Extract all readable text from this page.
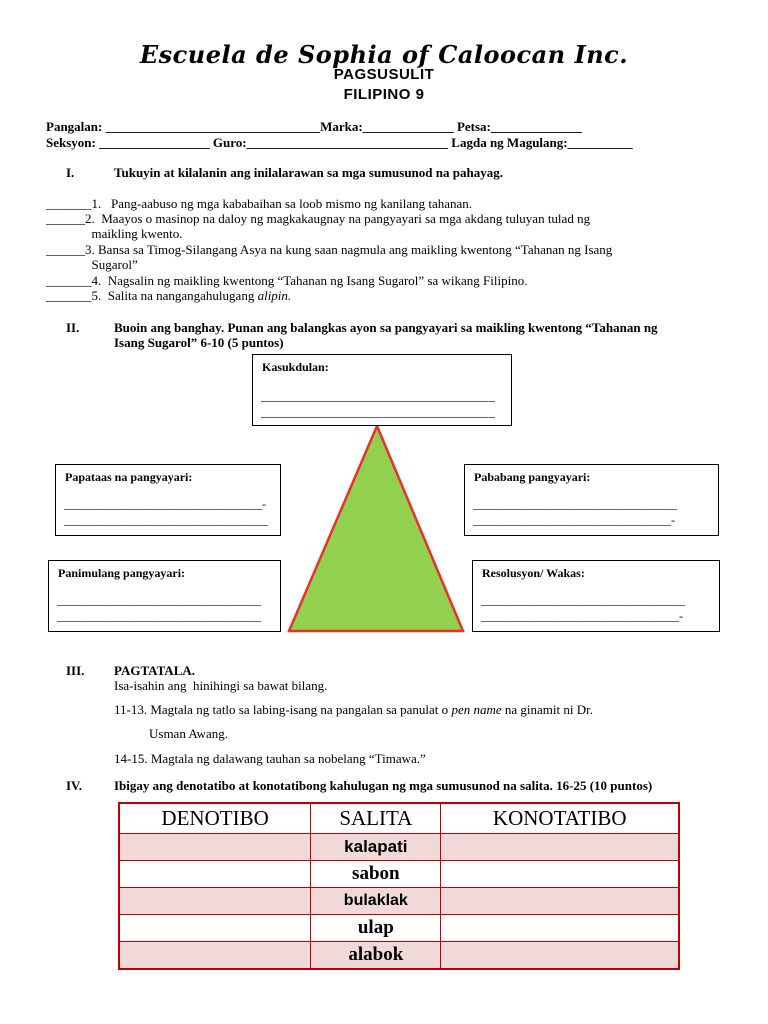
Escuela de Sophia of Caloocan Inc.
PAGSUSULIT
FILIPINO 9
Pangalan: _________________________________Marka:______________ Petsa:______________
Seksyon: _________________ Guro:_______________________________ Lagda ng Magulang:__________
I.	Tukuyin at kilalanin ang inilalarawan sa mga sumusunod na pahayag.
_______1.   Pang-aabuso ng mga kababaihan sa loob mismo ng kanilang tahanan.
______2.  Maayos o masinop na daloy ng magkakaugnay na pangyayari sa mga akdang tuluyan tulad ng
maikling kwento.
______3. Bansa sa Timog-Silangang Asya na kung saan nagmula ang maikling kwentong “Tahanan ng Isang
Sugarol”
_______4.  Nagsalin ng maikling kwentong “Tahanan ng Isang Sugarol” sa wikang Filipino.
_______5.  Salita na nangangahulugang alipin.
II.	Buoin ang banghay. Punan ang balangkas ayon sa pangyayari sa maikling kwentong “Tahanan ng
Isang Sugarol” 6-10 (5 puntos)
Kasukdulan:
_______________________________________
_______________________________________
Papataas na pangyayari:
_________________________________-
__________________________________
Pababang pangyayari:
__________________________________
_________________________________-
Panimulang pangyayari:
__________________________________
__________________________________
Resolusyon/ Wakas:
__________________________________
_________________________________-
III. PAGTATALA.
Isa-isahin ang  hinihingi sa bawat bilang.
11-13. Magtala ng tatlo sa labing-isang na pangalan sa panulat o pen name na ginamit ni Dr.
Usman Awang.
14-15. Magtala ng dalawang tauhan sa nobelang “Timawa.”
IV. Ibigay ang denotatibo at konotatibong kahulugan ng mga sumusunod na salita. 16-25 (10 puntos)
DENOTIBO	SALITA	KONOTATIBO
	kalapati	
	sabon	
	bulaklak	
	ulap	
	alabok	
